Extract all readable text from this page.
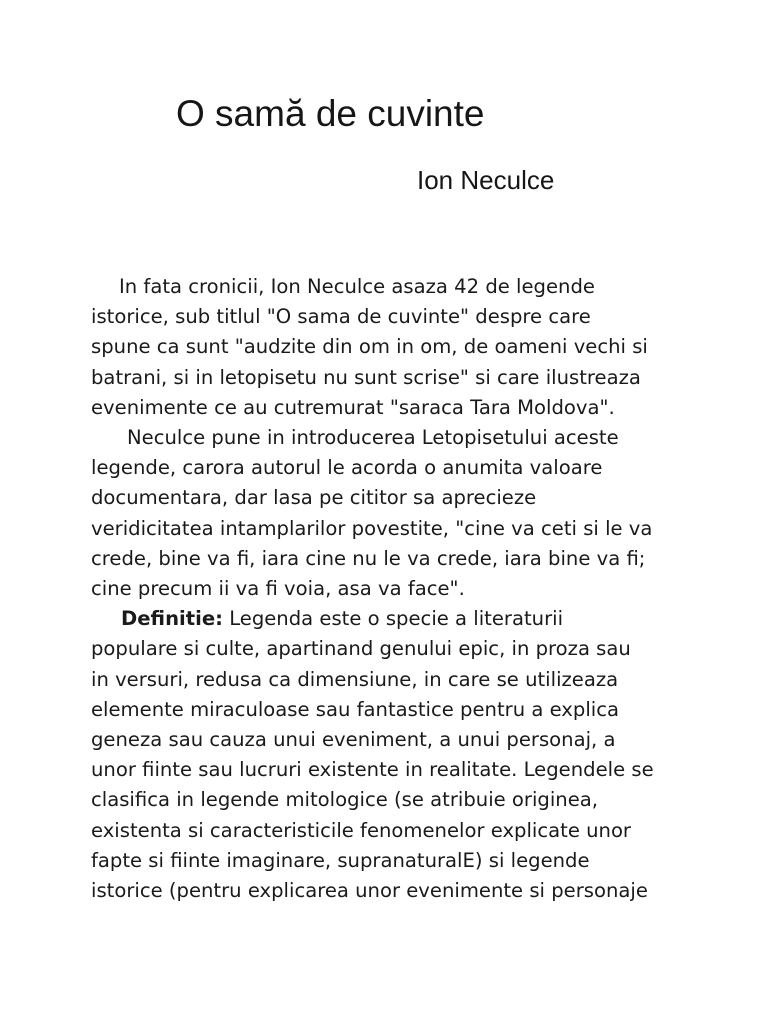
O samă de cuvinte
Ion Neculce
In fata cronicii, Ion Neculce asaza 42 de legende
istorice, sub titlul "O sama de cuvinte" despre care
spune ca sunt "audzite din om in om, de oameni vechi si
batrani, si in letopisetu nu sunt scrise" si care ilustreaza
evenimente ce au cutremurat "saraca Tara Moldova".
Neculce pune in introducerea Letopisetului aceste
legende, carora autorul le acorda o anumita valoare
documentara, dar lasa pe cititor sa aprecieze
veridicitatea intamplarilor povestite, "cine va ceti si le va
crede, bine va fi, iara cine nu le va crede, iara bine va fi;
cine precum ii va fi voia, asa va face".
Definitie: Legenda este o specie a literaturii
populare si culte, apartinand genului epic, in proza sau
in versuri, redusa ca dimensiune, in care se utilizeaza
elemente miraculoase sau fantastice pentru a explica
geneza sau cauza unui eveniment, a unui personaj, a
unor fiinte sau lucruri existente in realitate. Legendele se
clasifica in legende mitologice (se atribuie originea,
existenta si caracteristicile fenomenelor explicate unor
fapte si fiinte imaginare, supranaturalE) si legende
istorice (pentru explicarea unor evenimente si personaje
